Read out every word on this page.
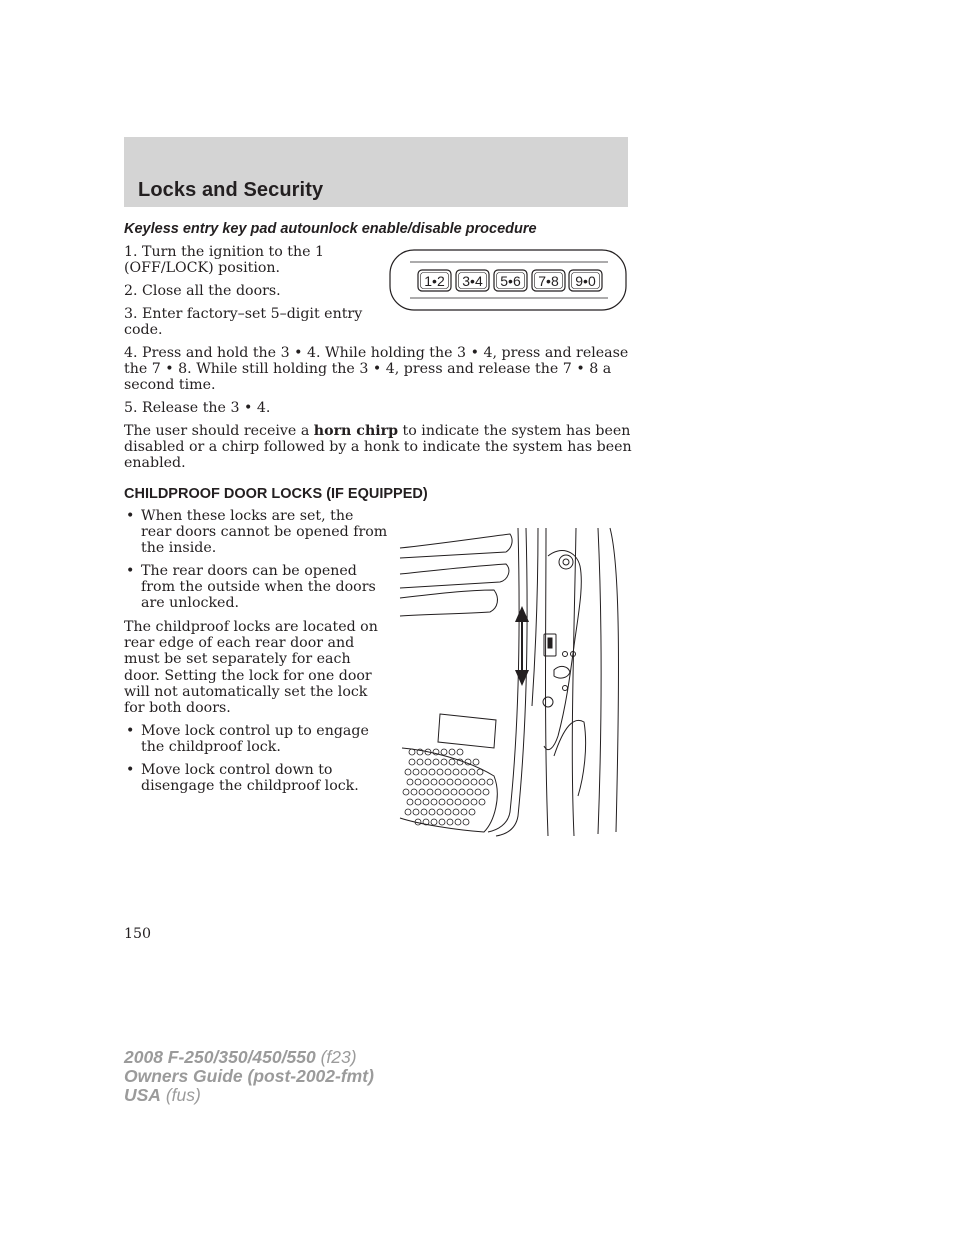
Locks and Security
Keyless entry key pad autounlock enable/disable procedure
1. Turn the ignition to the 1
(OFF/LOCK) position.
2. Close all the doors.
3. Enter factory–set 5–digit entry
code.
4. Press and hold the 3 • 4. While holding the 3 • 4, press and release
the 7 • 8. While still holding the 3 • 4, press and release the 7 • 8 a
second time.
5. Release the 3 • 4.
The user should receive a horn chirp to indicate the system has been
disabled or a chirp followed by a honk to indicate the system has been
enabled.
1•2 3•4 5•6 7•8 9•0
CHILDPROOF DOOR LOCKS (IF EQUIPPED)
• When these locks are set, the
rear doors cannot be opened from
the inside.
• The rear doors can be opened
from the outside when the doors
are unlocked.
The childproof locks are located on
rear edge of each rear door and
must be set separately for each
door. Setting the lock for one door
will not automatically set the lock
for both doors.
• Move lock control up to engage
the childproof lock.
• Move lock control down to
disengage the childproof lock.
150
2008 F-250/350/450/550 (f23)
Owners Guide (post-2002-fmt)
USA (fus)
